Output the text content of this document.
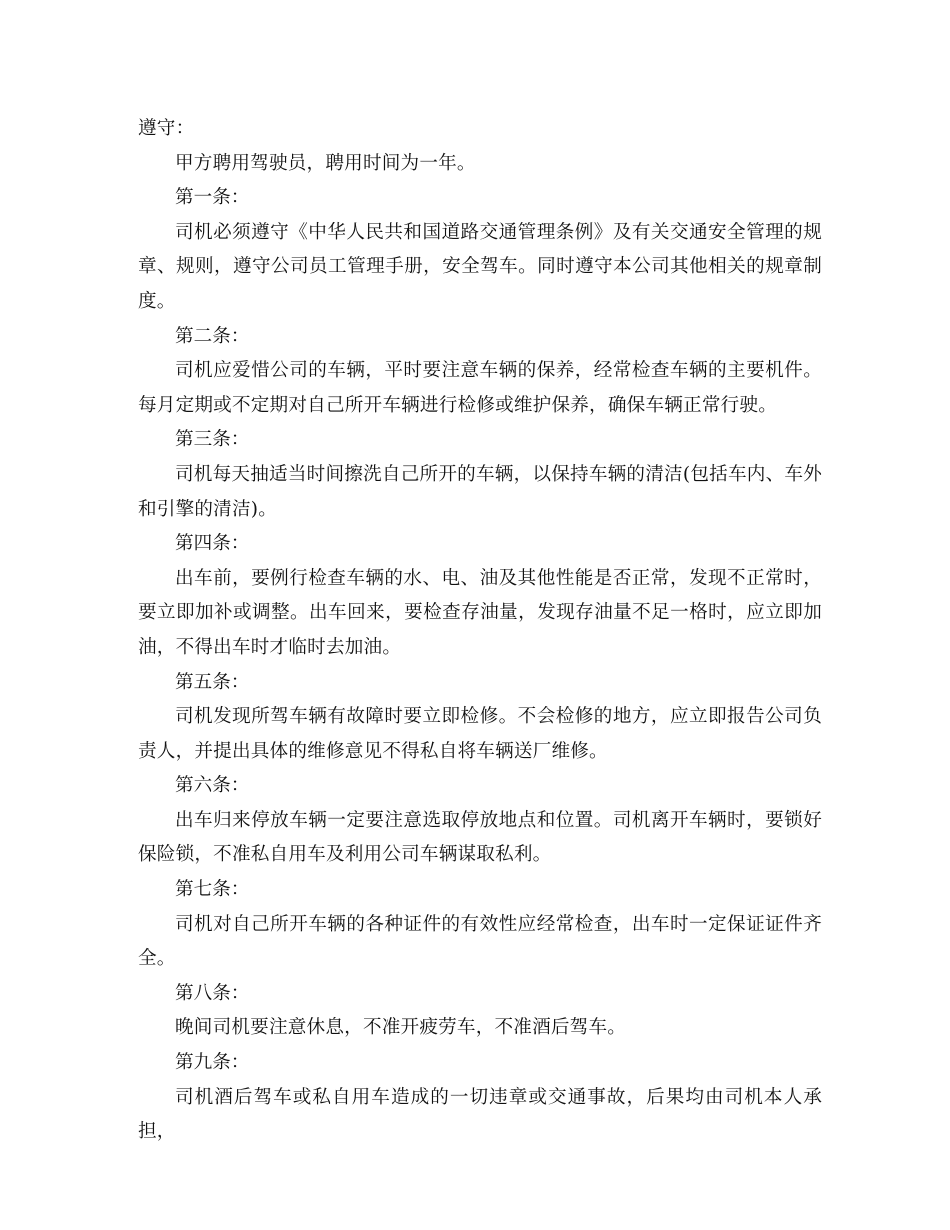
遵守：

甲方聘用驾驶员，聘用时间为一年。

第一条：

司机必须遵守《中华人民共和国道路交通管理条例》及有关交通安全管理的规章、规则，遵守公司员工管理手册，安全驾车。同时遵守本公司其他相关的规章制度。

第二条：

司机应爱惜公司的车辆，平时要注意车辆的保养，经常检查车辆的主要机件。每月定期或不定期对自己所开车辆进行检修或维护保养，确保车辆正常行驶。

第三条：

司机每天抽适当时间擦洗自己所开的车辆，以保持车辆的清洁(包括车内、车外和引擎的清洁)。

第四条：

出车前，要例行检查车辆的水、电、油及其他性能是否正常，发现不正常时，要立即加补或调整。出车回来，要检查存油量，发现存油量不足一格时，应立即加油，不得出车时才临时去加油。

第五条：

司机发现所驾车辆有故障时要立即检修。不会检修的地方，应立即报告公司负责人，并提出具体的维修意见不得私自将车辆送厂维修。

第六条：

出车归来停放车辆一定要注意选取停放地点和位置。司机离开车辆时，要锁好保险锁，不准私自用车及利用公司车辆谋取私利。

第七条：

司机对自己所开车辆的各种证件的有效性应经常检查，出车时一定保证证件齐全。

第八条：

晚间司机要注意休息，不准开疲劳车，不准酒后驾车。

第九条：

司机酒后驾车或私自用车造成的一切违章或交通事故，后果均由司机本人承担，
